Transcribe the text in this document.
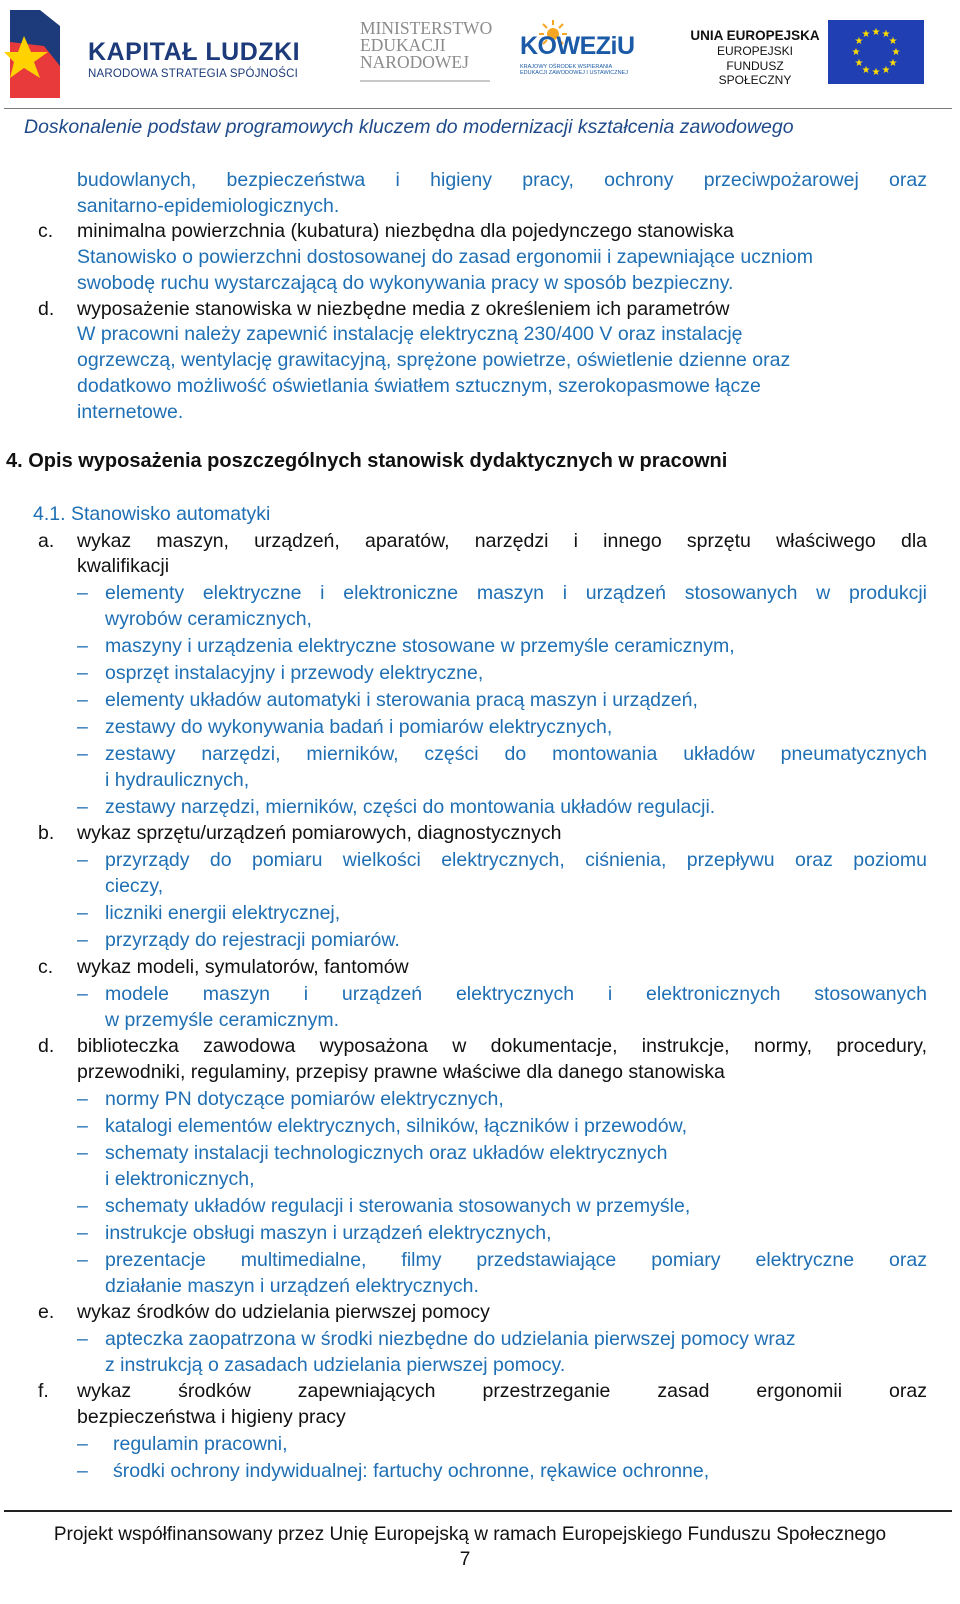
KAPITAŁ LUDZKI
NARODOWA STRATEGIA SPÓJNOŚCI
MINISTERSTWO
EDUKACJI
NARODOWEJ
KOWEZiU
KRAJOWY OŚRODEK WSPIERANIA EDUKACJI ZAWODOWEJ I USTAWICZNEJ
UNIA EUROPEJSKA
EUROPEJSKI
FUNDUSZ SPOŁECZNY
★ ★
★
★
★
★
★
★
★
★
★
★
Doskonalenie podstaw programowych kluczem do modernizacji kształcenia zawodowego
budowlanych, bezpieczeństwa i higieny pracy, ochrony przeciwpożarowej oraz
sanitarno-epidemiologicznych.
c. minimalna powierzchnia (kubatura) niezbędna dla pojedynczego stanowiska
Stanowisko o powierzchni dostosowanej do zasad ergonomii i zapewniające uczniom
swobodę ruchu wystarczającą do wykonywania pracy w sposób bezpieczny.
d. wyposażenie stanowiska w niezbędne media z określeniem ich parametrów
W pracowni należy zapewnić instalację elektryczną 230/400 V oraz instalację
ogrzewczą, wentylację grawitacyjną, sprężone powietrze, oświetlenie dzienne oraz
dodatkowo możliwość oświetlania światłem sztucznym, szerokopasmowe łącze
internetowe.
4. Opis wyposażenia poszczególnych stanowisk dydaktycznych w pracowni
4.1. Stanowisko automatyki
a. wykaz maszyn, urządzeń, aparatów, narzędzi i innego sprzętu właściwego dla
kwalifikacji
– elementy elektryczne i elektroniczne maszyn i urządzeń stosowanych w produkcji
wyrobów ceramicznych,
– maszyny i urządzenia elektryczne stosowane w przemyśle ceramicznym,
– osprzęt instalacyjny i przewody elektryczne,
– elementy układów automatyki i sterowania pracą maszyn i urządzeń,
– zestawy do wykonywania badań i pomiarów elektrycznych,
– zestawy narzędzi, mierników, części do montowania układów pneumatycznych
i hydraulicznych,
– zestawy narzędzi, mierników, części do montowania układów regulacji.
b. wykaz sprzętu/urządzeń pomiarowych, diagnostycznych
– przyrządy do pomiaru wielkości elektrycznych, ciśnienia, przepływu oraz poziomu
cieczy,
– liczniki energii elektrycznej,
– przyrządy do rejestracji pomiarów.
c. wykaz modeli, symulatorów, fantomów
– modele maszyn i urządzeń elektrycznych i elektronicznych stosowanych
w przemyśle ceramicznym.
d. biblioteczka zawodowa wyposażona w dokumentacje, instrukcje, normy, procedury,
przewodniki, regulaminy, przepisy prawne właściwe dla danego stanowiska
– normy PN dotyczące pomiarów elektrycznych,
– katalogi elementów elektrycznych, silników, łączników i przewodów,
– schematy instalacji technologicznych oraz układów elektrycznych
i elektronicznych,
– schematy układów regulacji i sterowania stosowanych w przemyśle,
– instrukcje obsługi maszyn i urządzeń elektrycznych,
– prezentacje multimedialne, filmy przedstawiające pomiary elektryczne oraz
działanie maszyn i urządzeń elektrycznych.
e. wykaz środków do udzielania pierwszej pomocy
– apteczka zaopatrzona w środki niezbędne do udzielania pierwszej pomocy wraz
z instrukcją o zasadach udzielania pierwszej pomocy.
f. wykaz środków zapewniających przestrzeganie zasad ergonomii oraz
bezpieczeństwa i higieny pracy
– regulamin pracowni,
– środki ochrony indywidualnej: fartuchy ochronne, rękawice ochronne,
Projekt współfinansowany przez Unię Europejską w ramach Europejskiego Funduszu Społecznego
7
